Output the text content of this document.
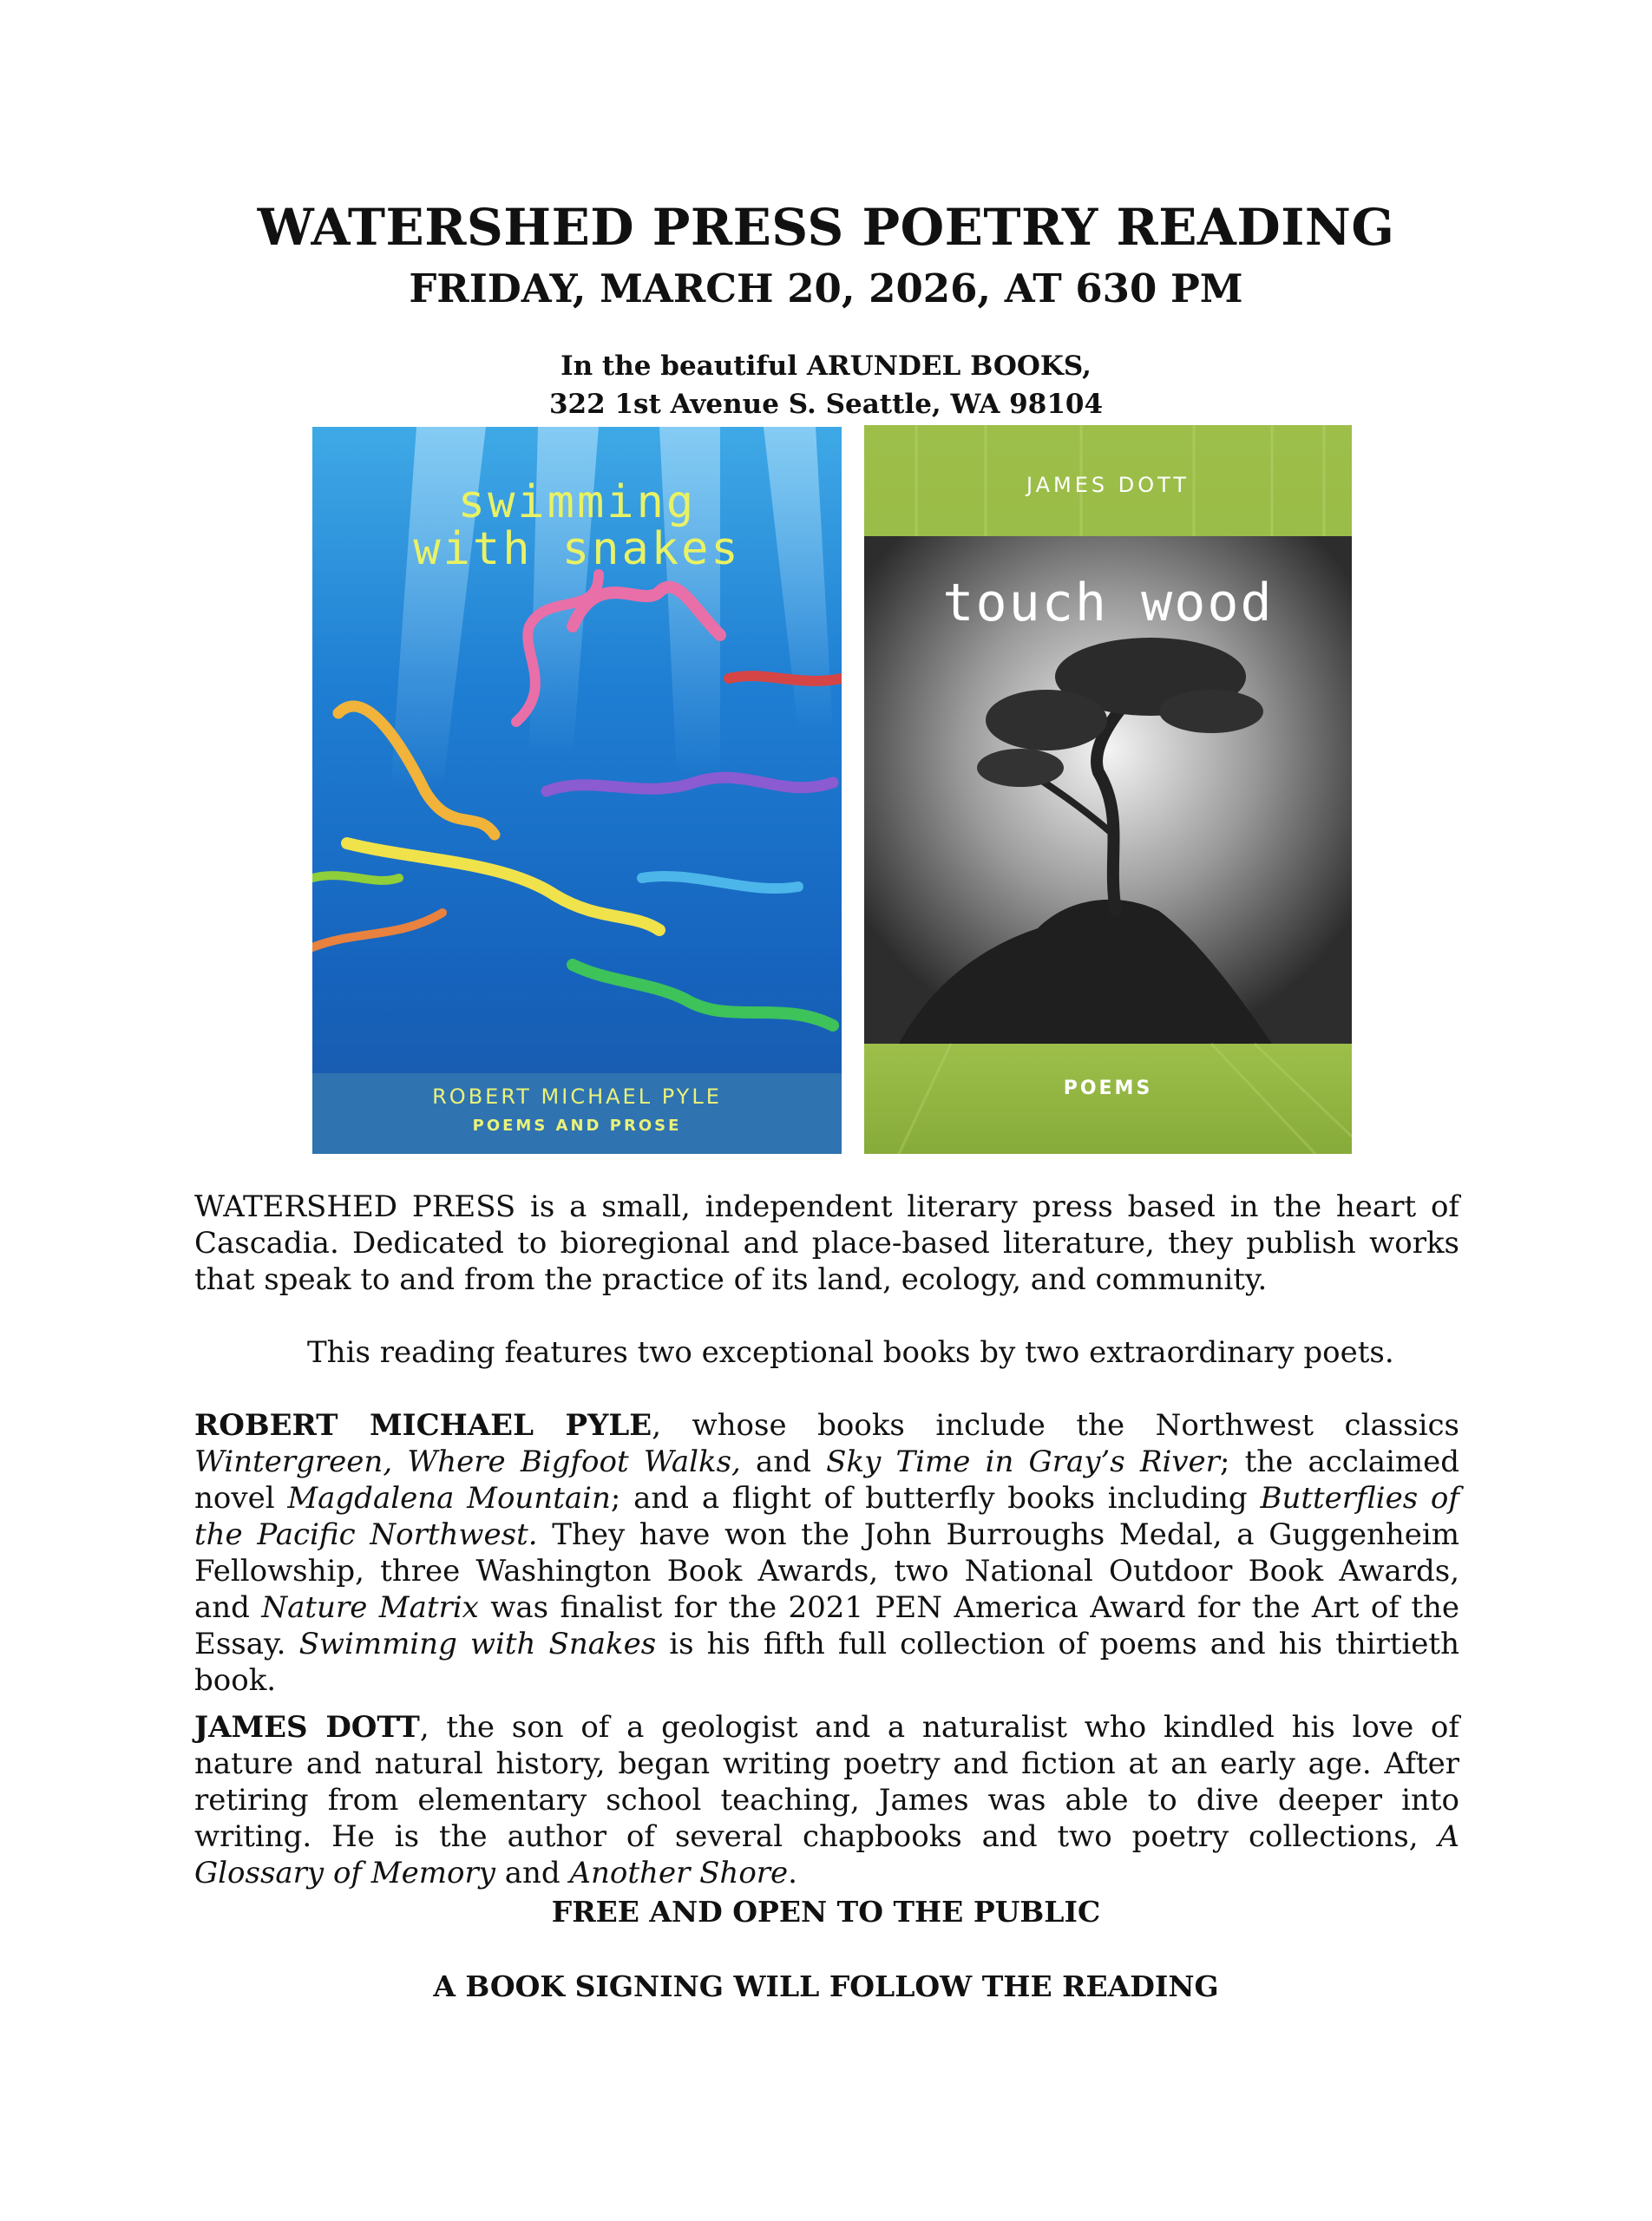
WATERSHED PRESS POETRY READING
FRIDAY, MARCH 20, 2026, AT 630 PM
In the beautiful ARUNDEL BOOKS,
322 1st Avenue S. Seattle, WA 98104
swimming
with snakes
ROBERT MICHAEL PYLE
POEMS AND PROSE
JAMES DOTT
touch wood
POEMS

WATERSHED PRESS is a small, independent literary press based in the heart of Cascadia. Dedicated to bioregional and place-based literature, they publish works that speak to and from the practice of its land, ecology, and community.

This reading features two exceptional books by two extraordinary poets.

ROBERT MICHAEL PYLE, whose books include the Northwest classics Wintergreen, Where Bigfoot Walks, and Sky Time in Gray’s River; the acclaimed novel Magdalena Mountain; and a flight of butterfly books including Butterflies of the Pacific Northwest. They have won the John Burroughs Medal, a Guggenheim Fellowship, three Washington Book Awards, two National Outdoor Book Awards, and Nature Matrix was finalist for the 2021 PEN America Award for the Art of the Essay. Swimming with Snakes is his fifth full collection of poems and his thirtieth book.

JAMES DOTT, the son of a geologist and a naturalist who kindled his love of nature and natural history, began writing poetry and fiction at an early age. After retiring from elementary school teaching, James was able to dive deeper into writing. He is the author of several chapbooks and two poetry collections, A Glossary of Memory and Another Shore.

FREE AND OPEN TO THE PUBLIC

A BOOK SIGNING WILL FOLLOW THE READING
